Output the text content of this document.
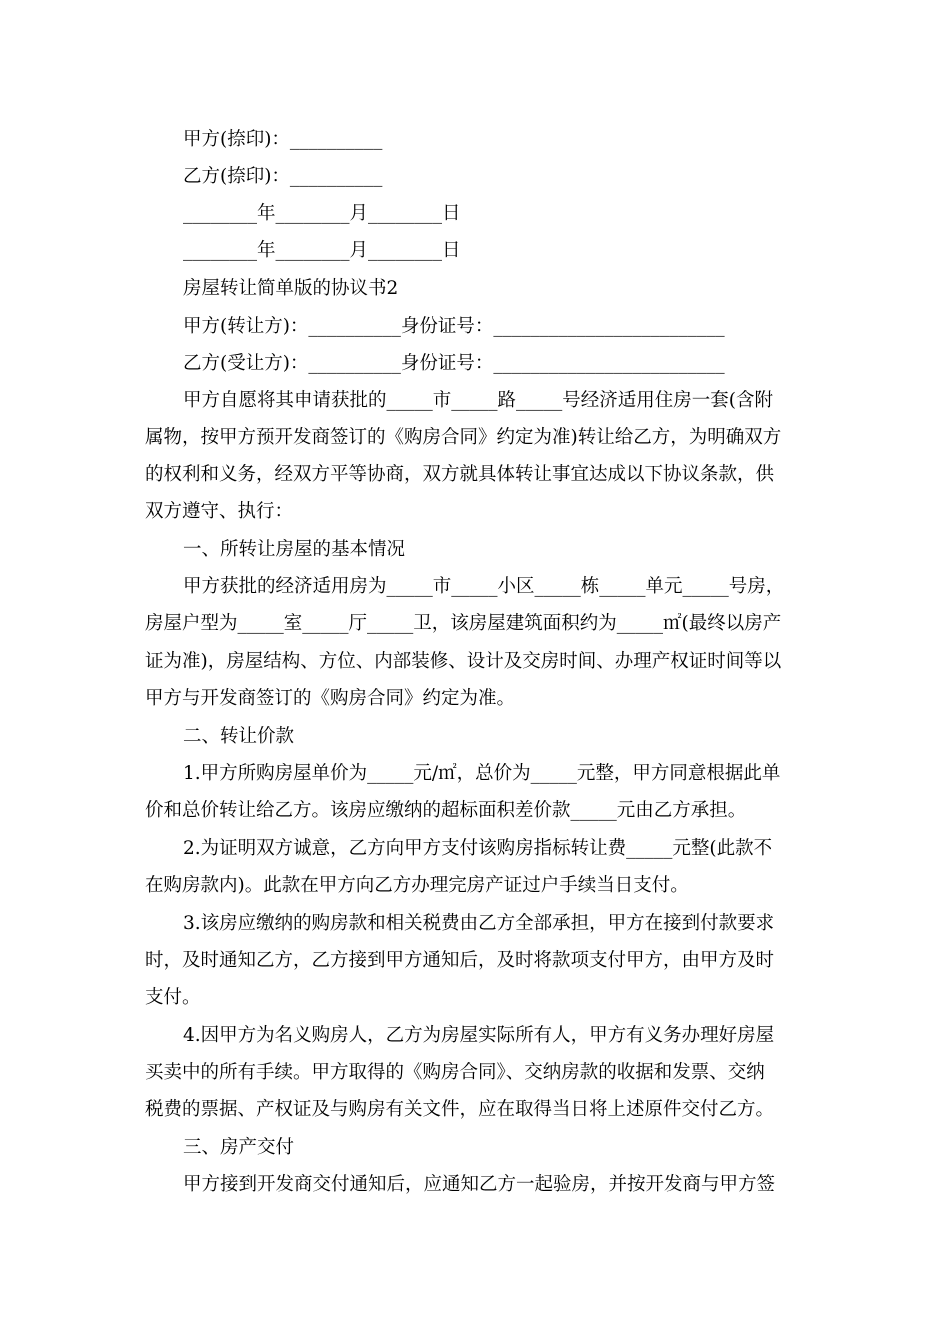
甲方(捺印)：__________
乙方(捺印)：__________
________年________月________日
________年________月________日
房屋转让简单版的协议书2
甲方(转让方)：__________身份证号：_________________________
乙方(受让方)：__________身份证号：_________________________
甲方自愿将其申请获批的_____市_____路_____号经济适用住房一套(含附
属物，按甲方预开发商签订的《购房合同》约定为准)转让给乙方，为明确双方
的权利和义务，经双方平等协商，双方就具体转让事宜达成以下协议条款，供
双方遵守、执行：
一、所转让房屋的基本情况
甲方获批的经济适用房为_____市_____小区_____栋_____单元_____号房，
房屋户型为_____室_____厅_____卫，该房屋建筑面积约为_____㎡(最终以房产
证为准)，房屋结构、方位、内部装修、设计及交房时间、办理产权证时间等以
甲方与开发商签订的《购房合同》约定为准。
二、转让价款
1.甲方所购房屋单价为_____元/㎡，总价为_____元整，甲方同意根据此单
价和总价转让给乙方。该房应缴纳的超标面积差价款_____元由乙方承担。
2.为证明双方诚意，乙方向甲方支付该购房指标转让费_____元整(此款不
在购房款内)。此款在甲方向乙方办理完房产证过户手续当日支付。
3.该房应缴纳的购房款和相关税费由乙方全部承担，甲方在接到付款要求
时，及时通知乙方，乙方接到甲方通知后，及时将款项支付甲方，由甲方及时
支付。
4.因甲方为名义购房人，乙方为房屋实际所有人，甲方有义务办理好房屋
买卖中的所有手续。甲方取得的《购房合同》、交纳房款的收据和发票、交纳
税费的票据、产权证及与购房有关文件，应在取得当日将上述原件交付乙方。
三、房产交付
甲方接到开发商交付通知后，应通知乙方一起验房，并按开发商与甲方签
